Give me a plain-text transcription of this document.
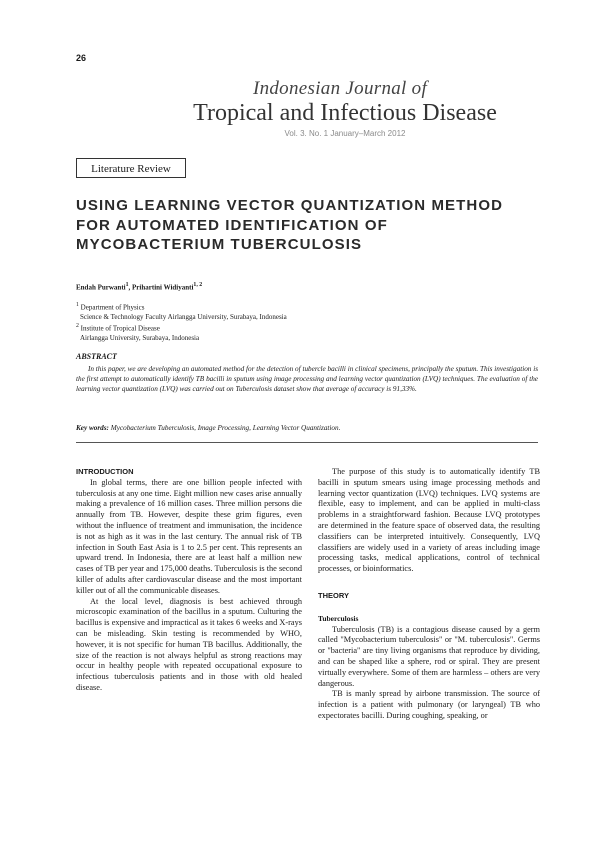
26
Indonesian Journal of
Tropical and Infectious Disease
Vol. 3. No. 1 January–March 2012
Literature Review
USING LEARNING VECTOR QUANTIZATION METHOD FOR AUTOMATED IDENTIFICATION OF MYCOBACTERIUM TUBERCULOSIS
Endah Purwanti$^1$, Prihartini Widiyanti$^{1, 2}$
$^1$ Department of Physics
Science & Technology Faculty Airlangga University, Surabaya, Indonesia
$^2$ Institute of Tropical Disease
Airlangga University, Surabaya, Indonesia
ABSTRACT
In this paper, we are developing an automated method for the detection of tubercle bacilli in clinical specimens, principally the sputum. This investigation is the first attempt to automatically identify TB bacilli in sputum using image processing and learning vector quantization (LVQ) techniques. The evaluation of the learning vector quantization (LVQ) was carried out on Tuberculosis dataset show that average of accuracy is 91,33%.
Key words: Mycobacterium Tuberculosis, Image Processing, Learning Vector Quantization.

INTRODUCTION

In global terms, there are one billion people infected with tuberculosis at any one time. Eight million new cases arise annually making a prevalence of 16 million cases. Three million persons die annually from TB. However, despite these grim figures, even without the influence of treatment and immunisation, the incidence is not as high as it was in the last century. The annual risk of TB infection in South East Asia is 1 to 2.5 per cent. This represents an upward trend. In Indonesia, there are at least half a million new cases of TB per year and 175,000 deaths. Tuberculosis is the second killer of adults after cardiovascular disease and the most important killer out of all the communicable diseases.

At the local level, diagnosis is best achieved through microscopic examination of the bacillus in a sputum. Culturing the bacillus is expensive and impractical as it takes 6 weeks and X-rays can be misleading. Skin testing is recommended by WHO, however, it is not specific for human TB bacillus. Additionally, the size of the reaction is not always helpful as strong reactions may occur in healthy people with repeated occupational exposure to infectious tuberculosis patients and in those with old healed disease.

The purpose of this study is to automatically identify TB bacilli in sputum smears using image processing methods and learning vector quantization (LVQ) techniques. LVQ systems are flexible, easy to implement, and can be applied in multi-class problems in a straightforward fashion. Because LVQ prototypes are determined in the feature space of observed data, the resulting classifiers can be interpreted intuitively. Consequently, LVQ classifiers are widely used in a variety of areas including image processing tasks, medical applications, control of technical processes, or bioinformatics.

THEORY

Tuberculosis

Tuberculosis (TB) is a contagious disease caused by a germ called "Mycobacterium tuberculosis" or "M. tuberculosis". Germs or "bacteria" are tiny living organisms that reproduce by dividing, and can be shaped like a sphere, rod or spiral. They are present virtually everywhere. Some of them are harmless – others are very dangerous.

TB is manly spread by airbone transmission. The source of infection is a patient with pulmonary (or laryngeal) TB who expectorates bacilli. During coughing, speaking, or
